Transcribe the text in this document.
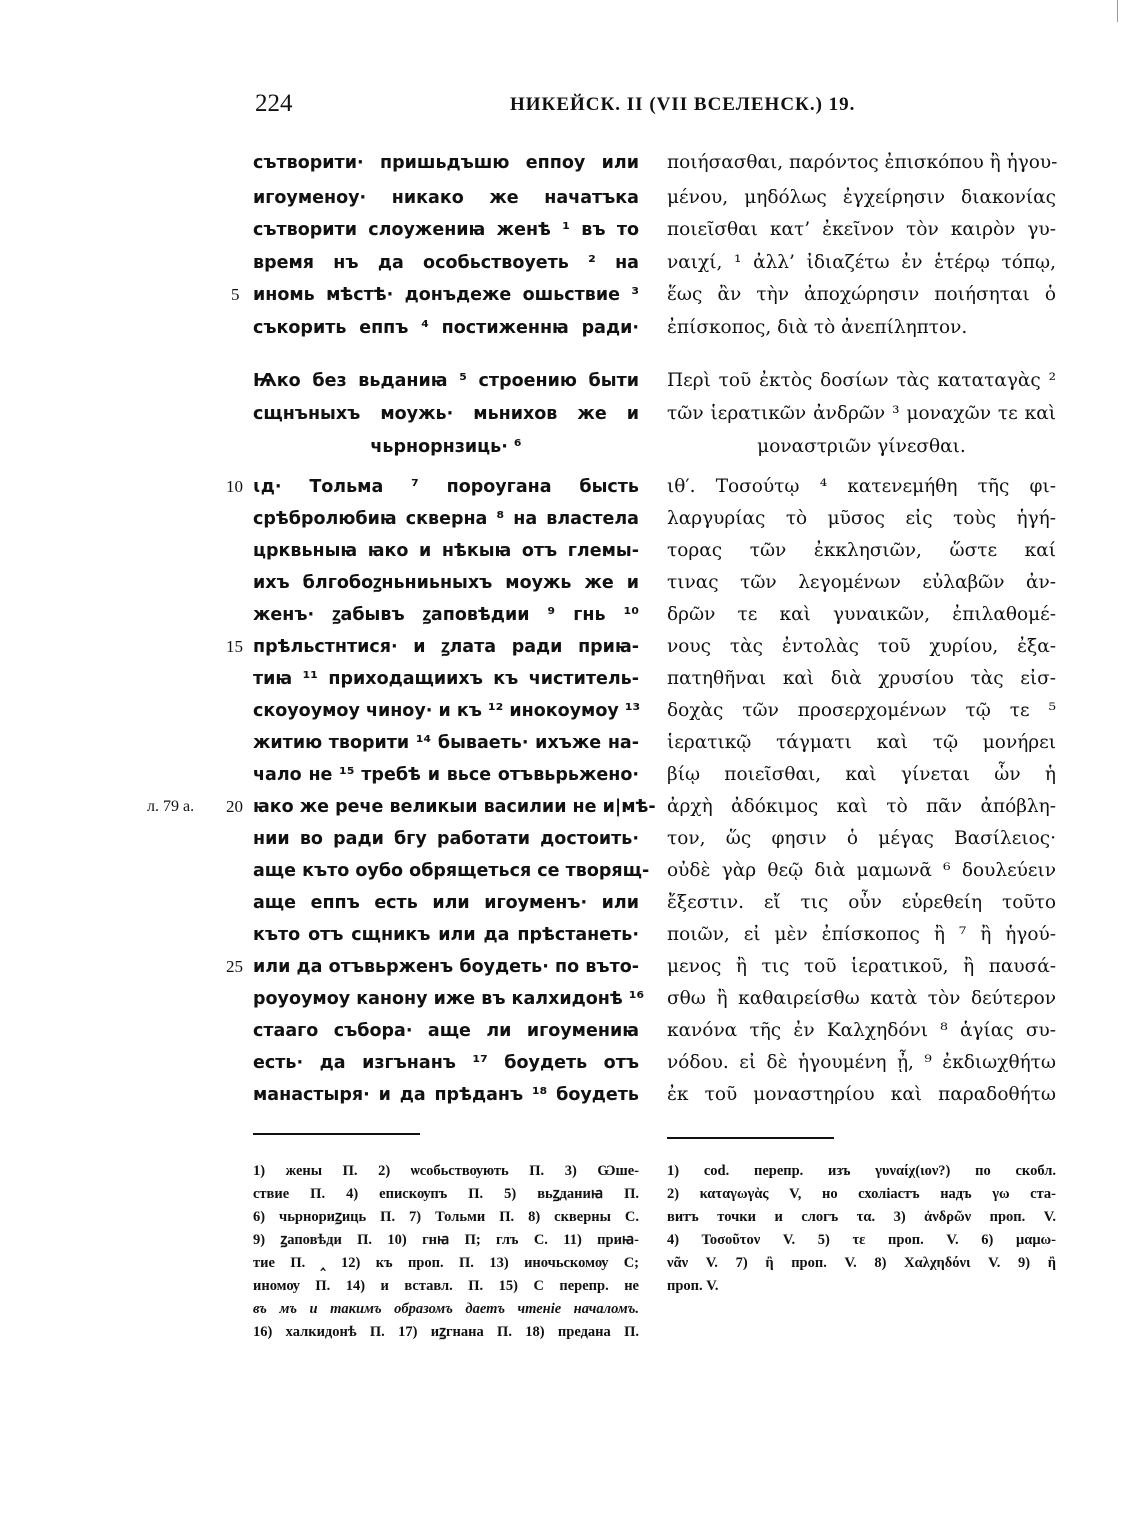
224	НИКЕЙСК. II (VII ВСЕЛЕНСК.) 19.
сътворити· пришьдъшю еппоу или
игоуменоу· никако же начатъка
сътворити слоужениꙗ женѣ ¹ въ то
время нъ да особьствоуеть ² на
иномь мѣстѣ· донъдеже ошьствие ³
съкорить еппъ ⁴ постиженнꙗ ради·
Ѩко без вьданиꙗ ⁵ строению быти
сщнъныхъ моужь· мьнихов же и
чьрнорнзиць· ⁶
ꙇд· Тольма ⁷ пороугана бысть
срѣбролюбиꙗ скверна ⁸ на властела
црквьныꙗ ꙗко и нѣкыꙗ отъ глемы-
ихъ блгобоꙁньниьныхъ моужь же и
женъ· ꙁабывъ ꙁаповѣдии ⁹ гнь ¹⁰
прѣльстнтися· и ꙁлата ради приꙗ-
тиꙗ ¹¹ приходащиихъ къ чиститель-
скоуоумоу чиноу· и къ ¹² инокоумоу ¹³
житию творити ¹⁴ бываеть· ихъже на-
чало не ¹⁵ требѣ и вьсе отъвьрьжено·
ꙗко же рече великыи василии не и|мѣ-
нии во ради бгу работати достоить·
аще къто оубо обрящеться се творящ-
аще еппъ есть или игоуменъ· или
къто отъ сщникъ или да прѣстанеть·
или да отъвьрженъ боудеть· по въто-
роуоумоу канону иже въ калхидонѣ ¹⁶
стааго събора· аще ли игоумениꙗ
есть· да изгънанъ ¹⁷ боудеть отъ
манастыря· и да прѣданъ ¹⁸ боудеть
5
10
15
20
25
л. 79 а.
ποιήσασθαι, παρόντος ἐπισκόπου ἢ ἡγου-
μένου, μηδόλως ἐγχείρησιν διακονίας
ποιεῖσθαι κατ’ ἐκεῖνον τὸν καιρὸν γυ-
ναιχί, ¹ ἀλλ’ ἰδιαζέτω ἐν ἑτέρῳ τόπῳ,
ἕως ἂν τὴν ἀποχώρησιν ποιήσηται ὁ
ἐπίσκοπος, διὰ τὸ ἀνεπίληπτον.
Περὶ τοῦ ἐκτὸς δοσίων τὰς καταταγὰς ²
τῶν ἱερατικῶν ἀνδρῶν ³ μοναχῶν τε καὶ
μοναστριῶν γίνεσθαι.
ιθ′. Τοσούτῳ ⁴ κατενεμήθη τῆς φι-
λαργυρίας τὸ μῦσος εἰς τοὺς ἡγή-
τορας τῶν ἐκκλησιῶν, ὥστε καί
τινας τῶν λεγομένων εὐλαβῶν ἀν-
δρῶν τε καὶ γυναικῶν, ἐπιλαθομέ-
νους τὰς ἐντολὰς τοῦ χυρίου, ἐξα-
πατηθῆναι καὶ διὰ χρυσίου τὰς εἰσ-
δοχὰς τῶν προσερχομένων τῷ τε ⁵
ἱερατικῷ τάγματι καὶ τῷ μονήρει
βίῳ ποιεῖσθαι, καὶ γίνεται ὧν ἡ
ἀρχὴ ἀδόκιμος καὶ τὸ πᾶν ἀπόβλη-
τον, ὥς φησιν ὁ μέγας Βασίλειος·
οὐδὲ γὰρ θεῷ διὰ μαμωνᾶ ⁶ δουλεύειν
ἔξεστιν. εἴ τις οὖν εὑρεθείη τοῦτο
ποιῶν, εἰ μὲν ἐπίσκοπος ἢ ⁷ ἢ ἡγού-
μενος ἢ τις τοῦ ἱερατικοῦ, ἢ παυσά-
σθω ἢ καθαιρείσθω κατὰ τὸν δεύτερον
κανόνα τῆς ἐν Καλχηδόνι ⁸ ἁγίας συ-
νόδου. εἰ δὲ ἡγουμένη ᾖ, ⁹ ἐκδιωχθήτω
ἐκ τοῦ μοναστηρίου καὶ παραδοθήτω
1) жены П. 2) ѡсобьствѹють П. 3) Ѡше-
ствие П. 4) епискѹпъ П. 5) вьꙁданиꙗ П.
6) чьрнориꙁиць П. 7) Тольми П. 8) скверны С.
9) ꙁаповѣди П. 10) гнꙗ П; глъ С. 11) приꙗ-
тие П. ‸ 12) къ проп. П. 13) иночьскомѹ С;
иномѹ П. 14) и вставл. П. 15) С перепр. не
въ мъ и такимъ образомъ даетъ чтеніе началомъ.
16) халкидонѣ П. 17) иꙁгнана П. 18) предана П.
1) cod. перепр. изъ γυναίχ(ιον?) по скобл.
2) καταγωγὰς V, но схоліастъ надъ γω ста-
витъ точки и слогъ τα. 3) ἀνδρῶν проп. V.
4) Τοσοῦτον V. 5) τε проп. V. 6) μαμω-
νᾶν V. 7) ἢ проп. V. 8) Χαλχηδόνι V. 9) ἢ
проп. V.
